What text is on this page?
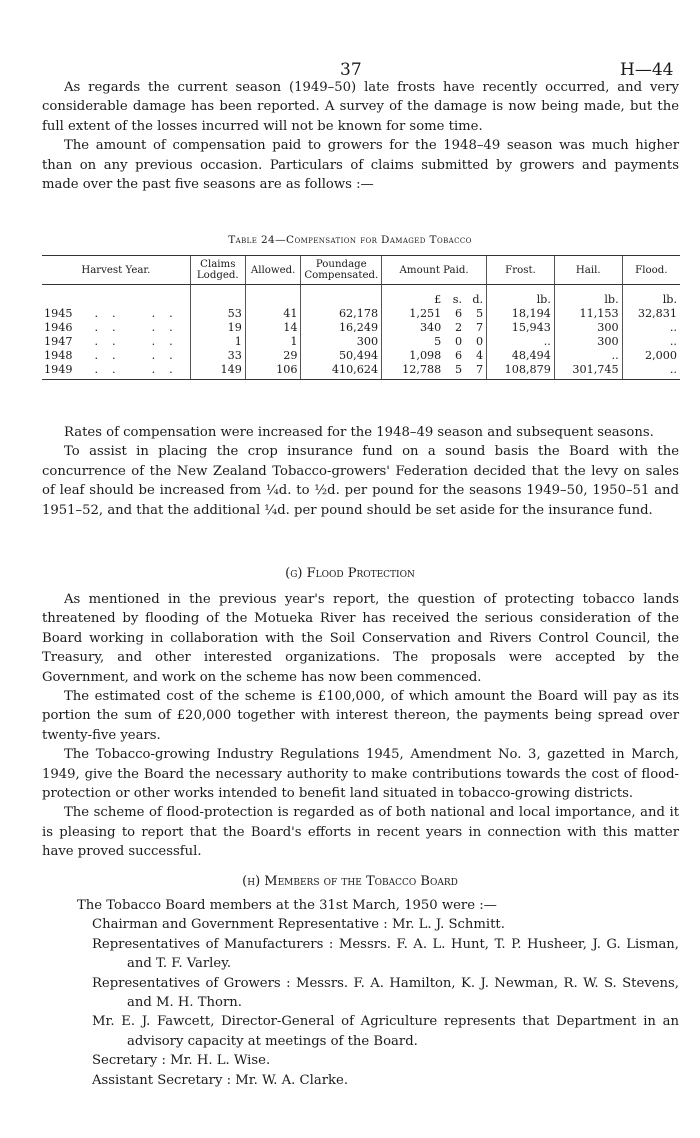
37	H—44

As regards the current season (1949–50) late frosts have recently occurred, and very considerable damage has been reported. A survey of the damage is now being made, but the full extent of the losses incurred will not be known for some time.

The amount of compensation paid to growers for the 1948–49 season was much higher than on any previous occasion. Particulars of claims submitted by growers and payments made over the past five seasons are as follows :—

Table 24—Compensation for Damaged Tobacco
Harvest Year.	Claims Lodged.	Allowed.	Poundage Compensated.	Amount Paid.			Frost.	Hail.	Flood.
				£	s.	d.	lb.	lb.	lb.
1945 .. ..	53	41	62,178	1,251	6	5	18,194	11,153	32,831
1946 .. ..	19	14	16,249	340	2	7	15,943	300	..
1947 .. ..	1	1	300	5	0	0	..	300	..
1948 .. ..	33	29	50,494	1,098	6	4	48,494	..	2,000
1949 .. ..	149	106	410,624	12,788	5	7	108,879	301,745	..

Rates of compensation were increased for the 1948–49 season and subsequent seasons.

To assist in placing the crop insurance fund on a sound basis the Board with the concurrence of the New Zealand Tobacco-growers' Federation decided that the levy on sales of leaf should be increased from ¼d. to ½d. per pound for the seasons 1949–50, 1950–51 and 1951–52, and that the additional ¼d. per pound should be set aside for the insurance fund.

(g) Flood Protection

As mentioned in the previous year's report, the question of protecting tobacco lands threatened by flooding of the Motueka River has received the serious consideration of the Board working in collaboration with the Soil Conservation and Rivers Control Council, the Treasury, and other interested organizations. The proposals were accepted by the Government, and work on the scheme has now been commenced.

The estimated cost of the scheme is £100,000, of which amount the Board will pay as its portion the sum of £20,000 together with interest thereon, the payments being spread over twenty-five years.

The Tobacco-growing Industry Regulations 1945, Amendment No. 3, gazetted in March, 1949, give the Board the necessary authority to make contributions towards the cost of flood-protection or other works intended to benefit land situated in tobacco-growing districts.

The scheme of flood-protection is regarded as of both national and local importance, and it is pleasing to report that the Board's efforts in recent years in connection with this matter have proved successful.

(h) Members of the Tobacco Board

The Tobacco Board members at the 31st March, 1950 were :—

Chairman and Government Representative : Mr. L. J. Schmitt.

Representatives of Manufacturers : Messrs. F. A. L. Hunt, T. P. Husheer, J. G. Lisman, and T. F. Varley.

Representatives of Growers : Messrs. F. A. Hamilton, K. J. Newman, R. W. S. Stevens, and M. H. Thorn.

Mr. E. J. Fawcett, Director-General of Agriculture represents that Department in an advisory capacity at meetings of the Board.

Secretary : Mr. H. L. Wise.

Assistant Secretary : Mr. W. A. Clarke.
